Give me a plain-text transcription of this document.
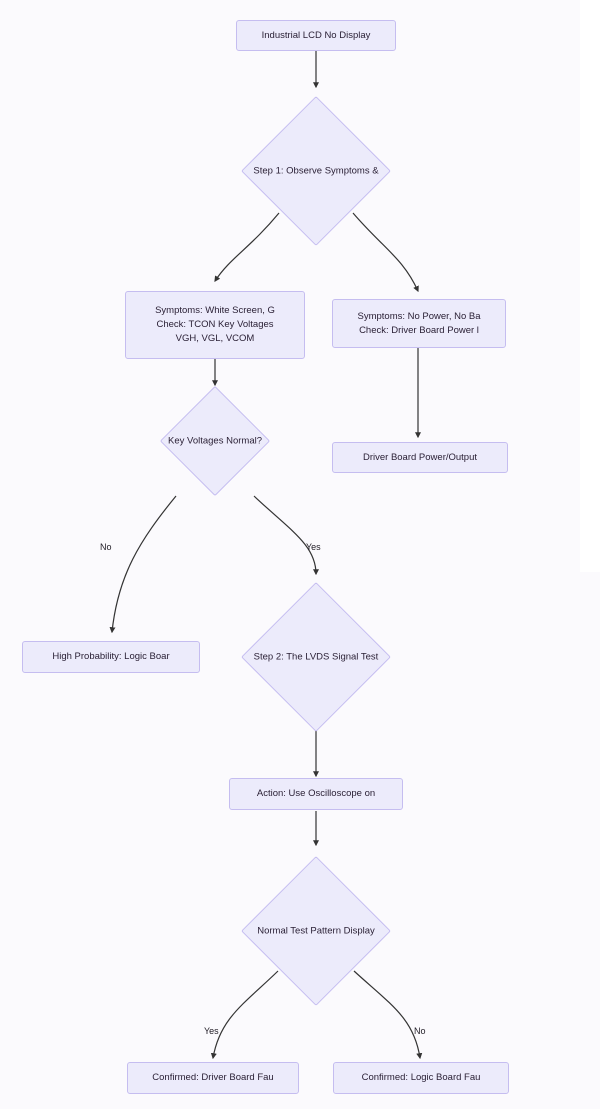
Industrial LCD No Display
Step 1: Observe Symptoms &
Symptoms: White Screen, G
Check: TCON Key Voltages
VGH, VGL, VCOM
Symptoms: No Power, No Ba
Check: Driver Board Power l
Key Voltages Normal?
Driver Board Power/Output
High Probability: Logic Boar	Step 2: The LVDS Signal Test
Action: Use Oscilloscope on
Normal Test Pattern Display
Confirmed: Driver Board Fau	Confirmed: Logic Board Fau
No	Yes
Yes	No
